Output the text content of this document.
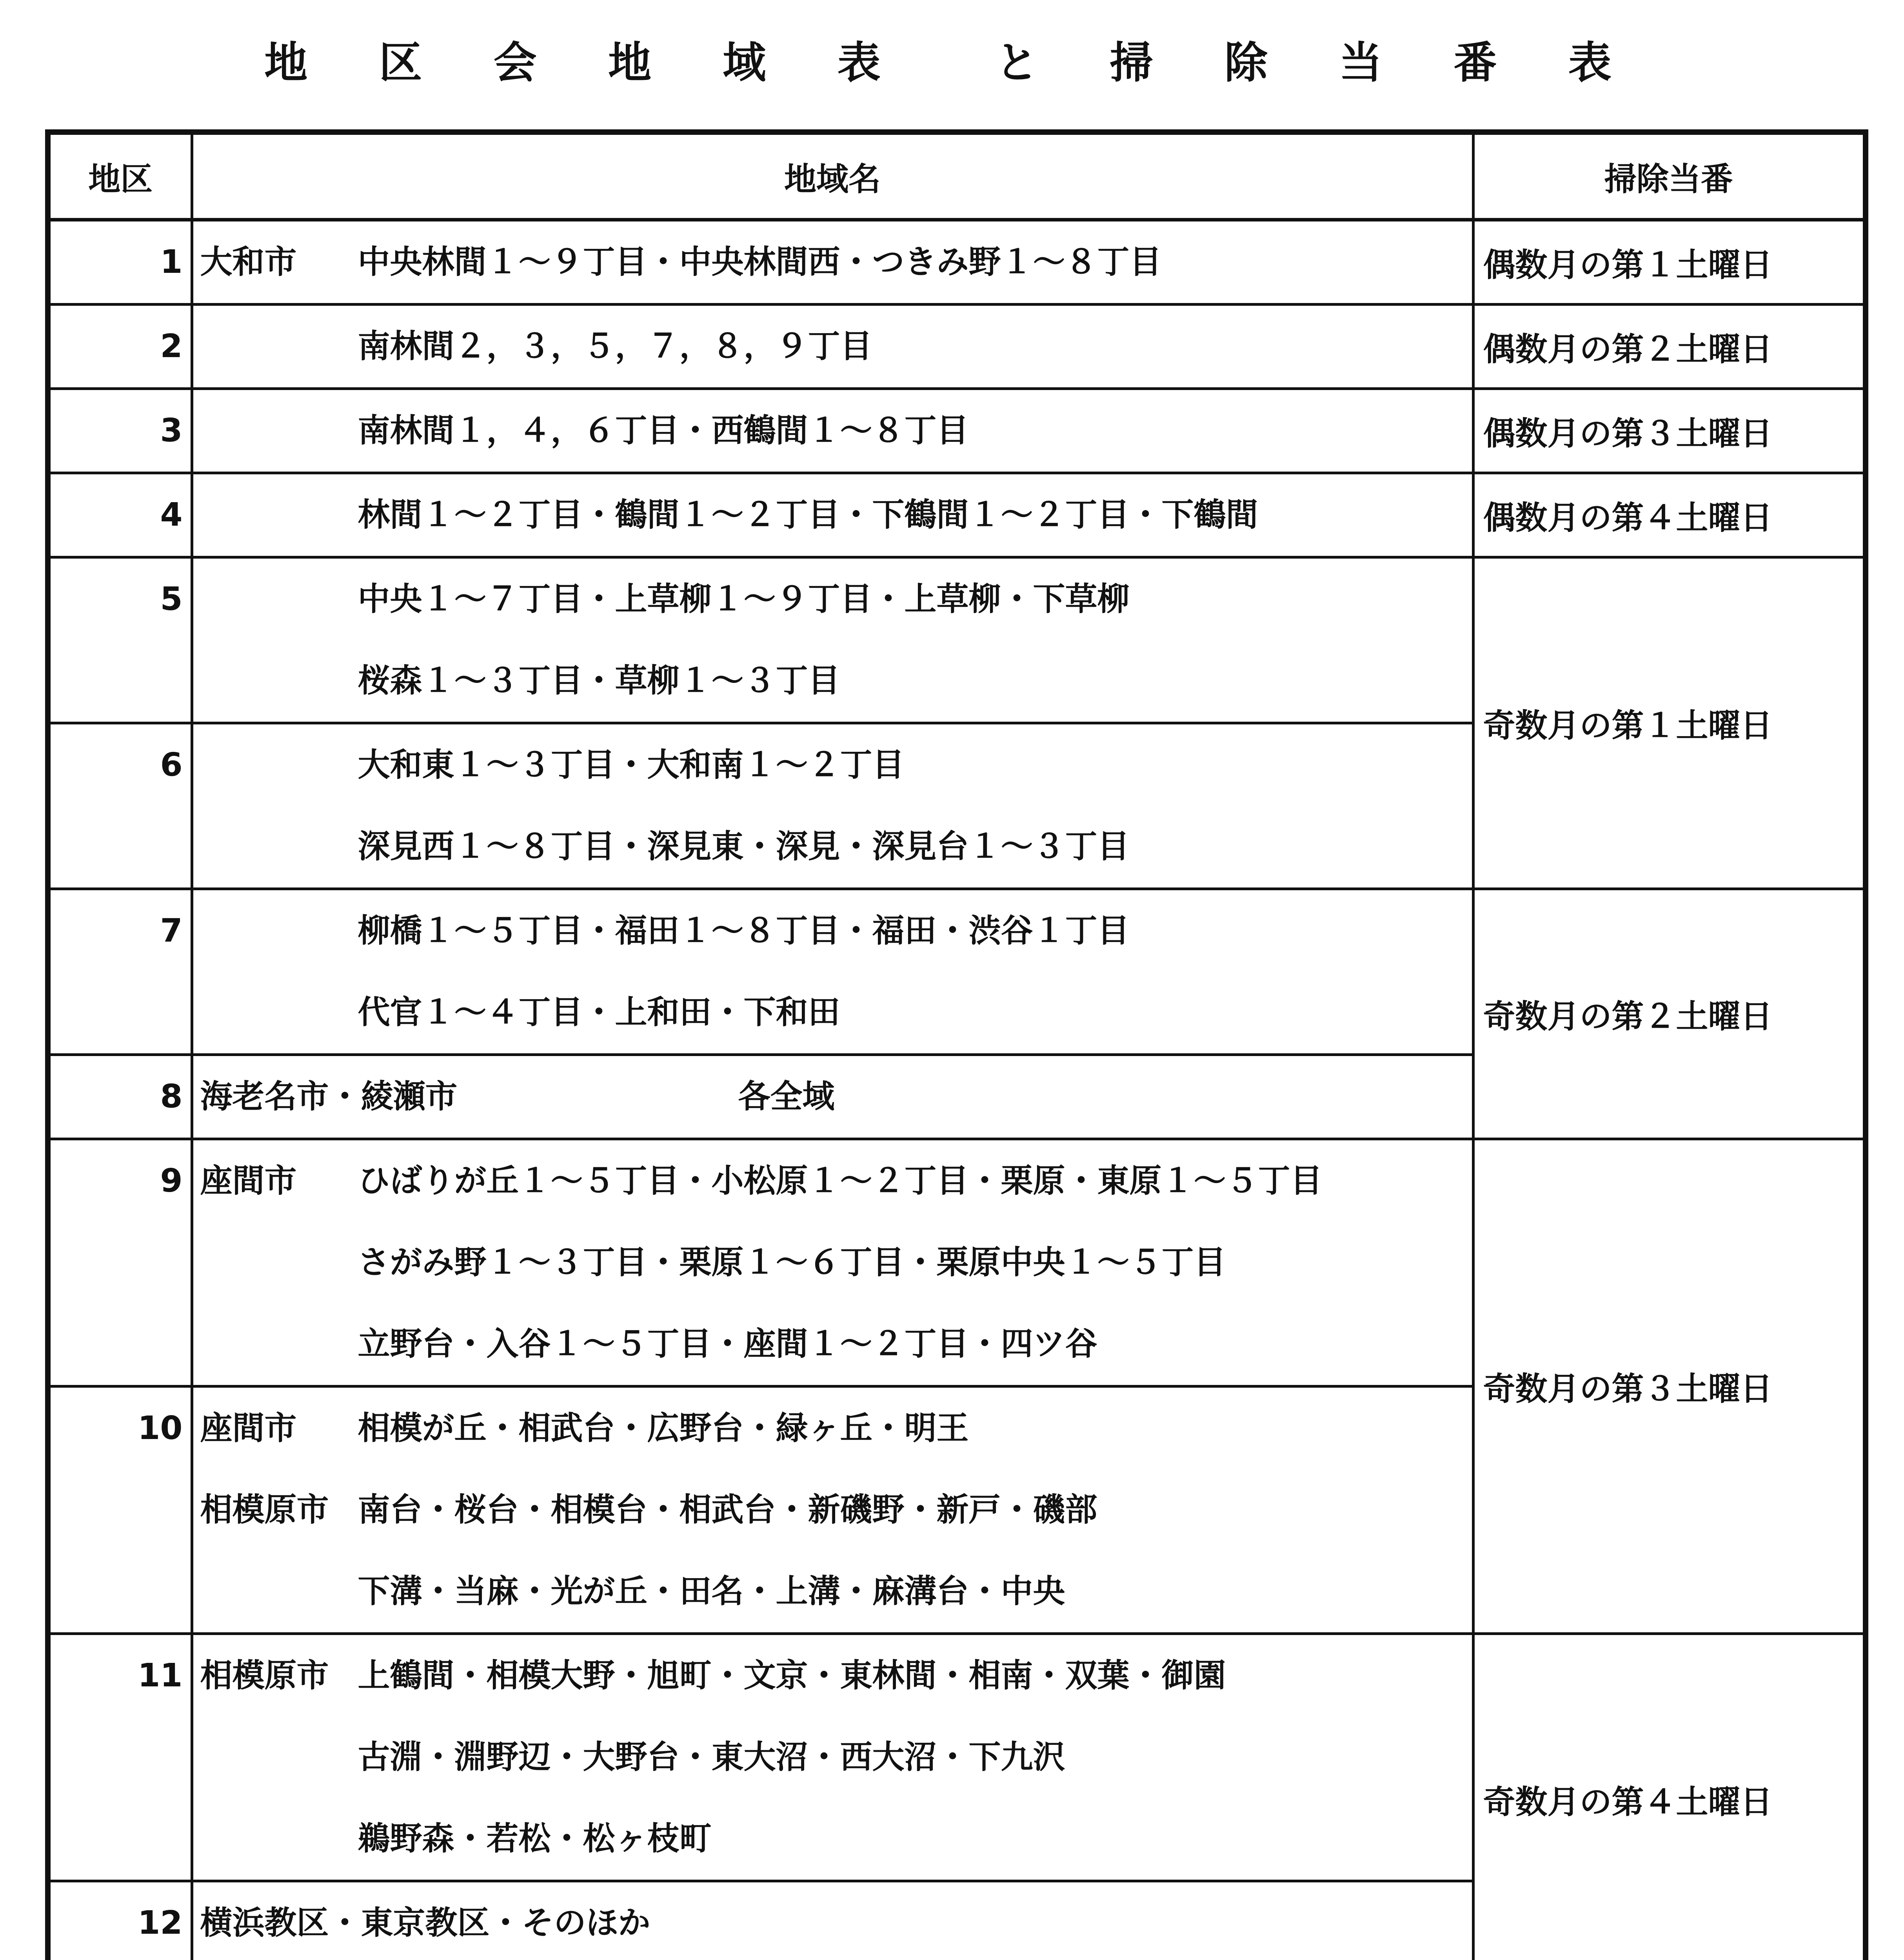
地 区 会 地 域 表  と 掃 除 当 番 表
地区	地域名	掃除当番
1	大和市 中央林間１～９丁目・中央林間西・つきみ野１～８丁目	偶数月の第１土曜日
2	南林間２，３，５，７，８，９丁目	偶数月の第２土曜日
3	南林間１，４，６丁目・西鶴間１～８丁目	偶数月の第３土曜日
4	林間１～２丁目・鶴間１～２丁目・下鶴間１～２丁目・下鶴間	偶数月の第４土曜日
5	中央１～７丁目・上草柳１～９丁目・上草柳・下草柳
桜森１～３丁目・草柳１～３丁目	奇数月の第１土曜日
6	大和東１～３丁目・大和南１～２丁目
深見西１～８丁目・深見東・深見・深見台１～３丁目	

7	柳橋１～５丁目・福田１～８丁目・福田・渋谷１丁目
代官１～４丁目・上和田・下和田	奇数月の第２土曜日
8	海老名市・綾瀬市 各全域	

9	座間市 ひばりが丘１～５丁目・小松原１～２丁目・栗原・東原１～５丁目
さがみ野１～３丁目・栗原１～６丁目・栗原中央１～５丁目
立野台・入谷１～５丁目・座間１～２丁目・四ツ谷	奇数月の第３土曜日
10	座間市 相模が丘・相武台・広野台・緑ヶ丘・明王
相模原市 南台・桜台・相模台・相武台・新磯野・新戸・磯部
下溝・当麻・光が丘・田名・上溝・麻溝台・中央	

11	相模原市 上鶴間・相模大野・旭町・文京・東林間・相南・双葉・御園
古淵・淵野辺・大野台・東大沼・西大沼・下九沢
鵜野森・若松・松ヶ枝町	奇数月の第４土曜日
12	横浜教区・東京教区・そのほか	
